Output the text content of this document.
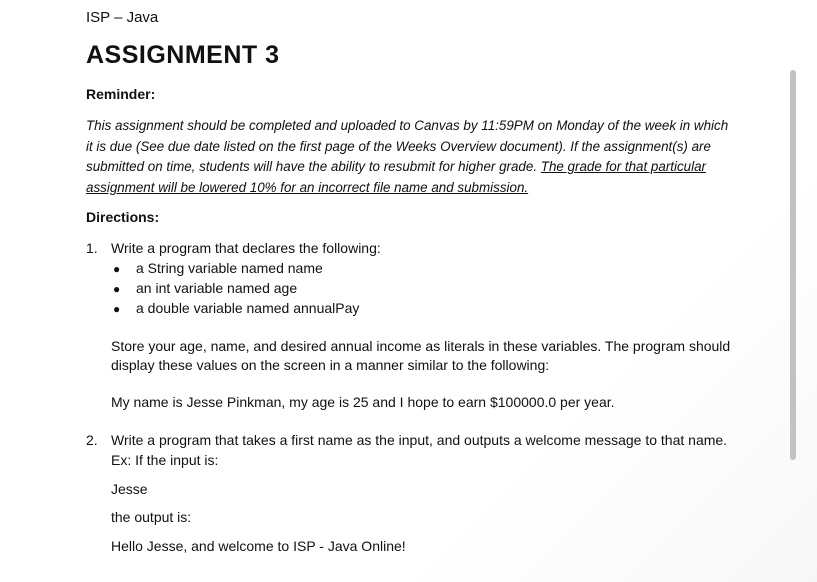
ISP – Java
ASSIGNMENT 3
Reminder:
This assignment should be completed and uploaded to Canvas by 11:59PM on Monday of the week in which it is due (See due date listed on the first page of the Weeks Overview document). If the assignment(s) are submitted on time, students will have the ability to resubmit for higher grade. The grade for that particular assignment will be lowered 10% for an incorrect file name and submission.
Directions:
1. Write a program that declares the following:
● a String variable named name
● an int variable named age
● a double variable named annualPay
Store your age, name, and desired annual income as literals in these variables. The program should
display these values on the screen in a manner similar to the following:
My name is Jesse Pinkman, my age is 25 and I hope to earn $100000.0 per year.
2. Write a program that takes a first name as the input, and outputs a welcome message to that name.
Ex: If the input is:
Jesse
the output is:
Hello Jesse, and welcome to ISP - Java Online!
